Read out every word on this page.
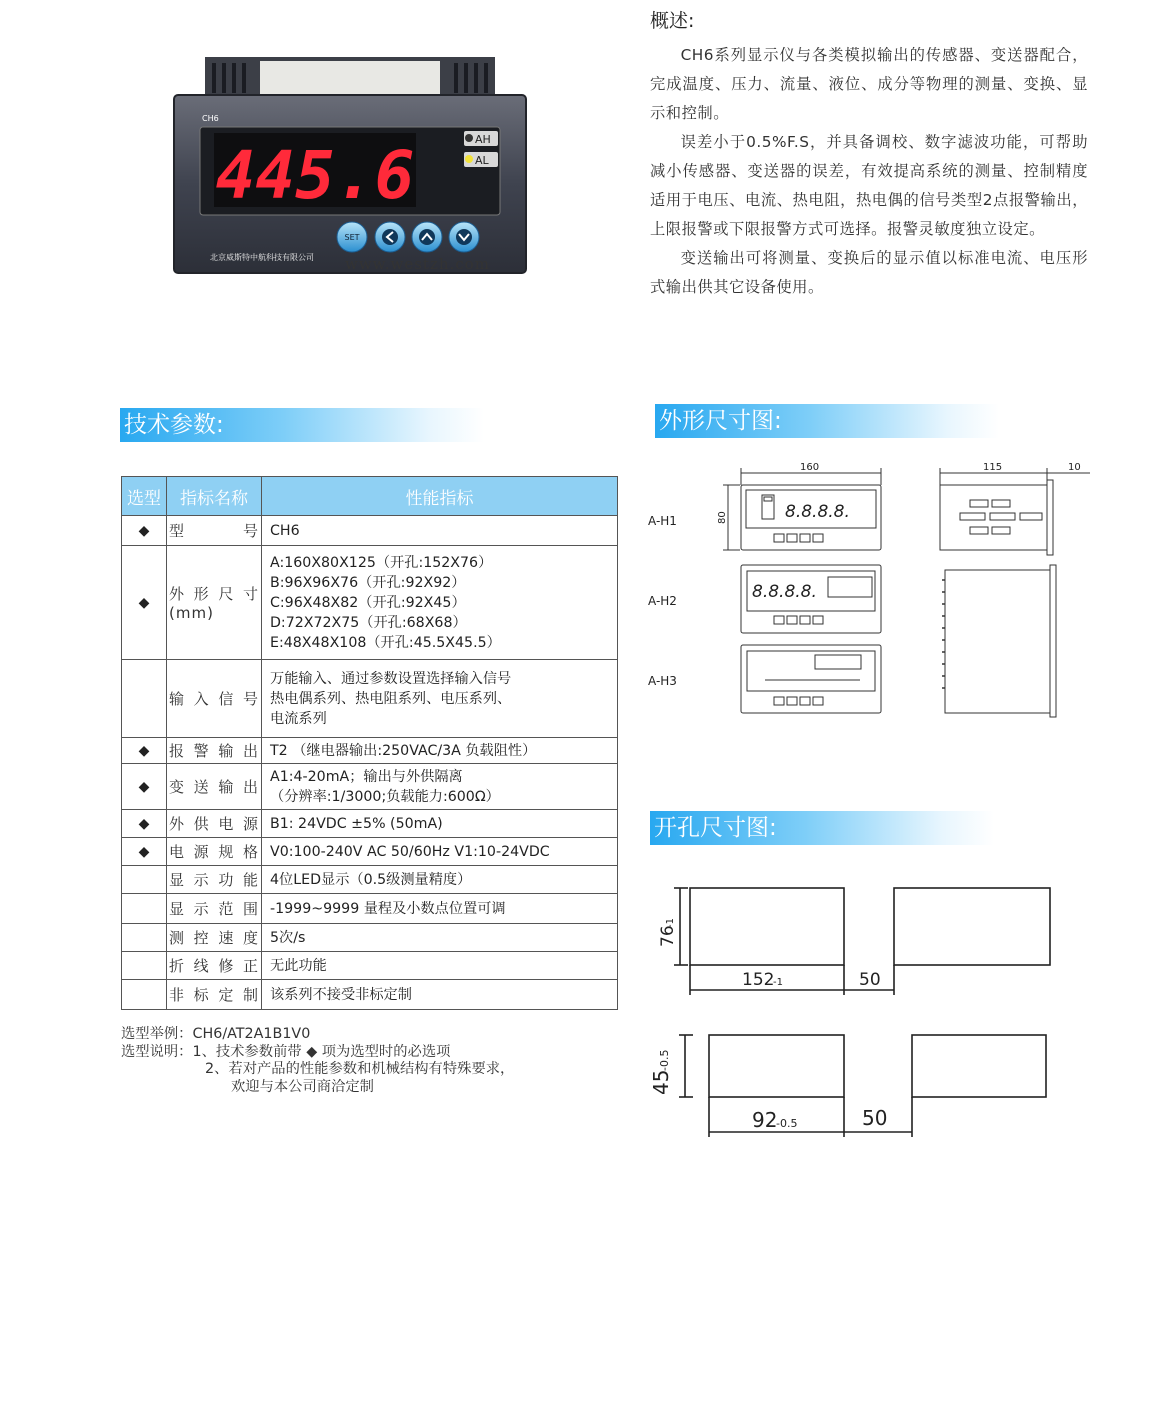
CH6
445.6	AH
AL
SET
北京威斯特中航科技有限公司 www.westzh.com
概述:

CH6系列显示仪与各类模拟输出的传感器、变送器配合，完成温度、压力、流量、液位、成分等物理的测量、变换、显示和控制。

误差小于0.5%F.S，并具备调校、数字滤波功能，可帮助减小传感器、变送器的误差，有效提高系统的测量、控制精度适用于电压、电流、热电阻，热电偶的信号类型2点报警输出，上限报警或下限报警方式可选择。报警灵敏度独立设定。

变送输出可将测量、变换后的显示值以标准电流、电压形式输出供其它设备使用。

技术参数:	外形尺寸图:
开孔尺寸图:
选型	指标名称	性能指标
◆	型号	CH6

◆	外形尺寸(mm)	A:160X80X125（开孔:152X76）
B:96X96X76（开孔:92X92）
C:96X48X82（开孔:92X45）
D:72X72X75（开孔:68X68）
E:48X48X108（开孔:45.5X45.5）

	输入信号	万能输入、通过参数设置选择输入信号
热电偶系列、热电阻系列、电压系列、
电流系列

◆	报警输出	T2 （继电器输出:250VAC/3A 负载阻性）

◆	变送输出	A1:4-20mA；输出与外供隔离
（分辨率:1/3000;负载能力:600Ω）

◆	外供电源	B1: 24VDC ±5% (50mA)

◆	电源规格	V0:100-240V AC 50/60Hz V1:10-24VDC

	显示功能	4位LED显示（0.5级测量精度）

	显示范围	-1999~9999 量程及小数点位置可调

	测控速度	5次/s

	折线修正	无此功能

	非标定制	该系列不接受非标定制
选型举例：CH6/AT2A1B1V0
选型说明：1、技术参数前带 ◆ 项为选型时的必选项
2、若对产品的性能参数和机械结构有特殊要求，
欢迎与本公司商洽定制
A-H1
A-H2
A-H3
160
80	8.8.8.8.
115	10
8.8.8.8.
76
-1
152
-1	50
45
-0.5
92
-0.5	50
